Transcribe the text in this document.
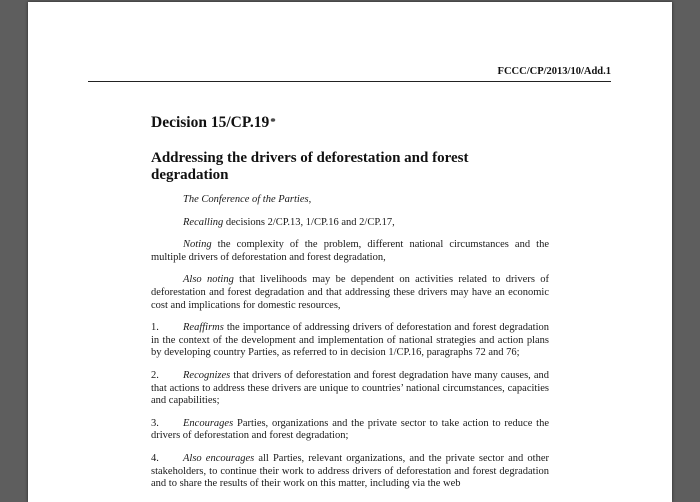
FCCC/CP/2013/10/Add.1
Decision 15/CP.19*
Addressing the drivers of deforestation and forest degradation

The Conference of the Parties,

Recalling decisions 2/CP.13, 1/CP.16 and 2/CP.17,

Noting the complexity of the problem, different national circumstances and the multiple drivers of deforestation and forest degradation,

Also noting that livelihoods may be dependent on activities related to drivers of deforestation and forest degradation and that addressing these drivers may have an economic cost and implications for domestic resources,

1. Reaffirms the importance of addressing drivers of deforestation and forest degradation in the context of the development and implementation of national strategies and action plans by developing country Parties, as referred to in decision 1/CP.16, paragraphs 72 and 76;

2. Recognizes that drivers of deforestation and forest degradation have many causes, and that actions to address these drivers are unique to countries’ national circumstances, capacities and capabilities;

3. Encourages Parties, organizations and the private sector to take action to reduce the drivers of deforestation and forest degradation;

4. Also encourages all Parties, relevant organizations, and the private sector and other stakeholders, to continue their work to address drivers of deforestation and forest degradation and to share the results of their work on this matter, including via the web
